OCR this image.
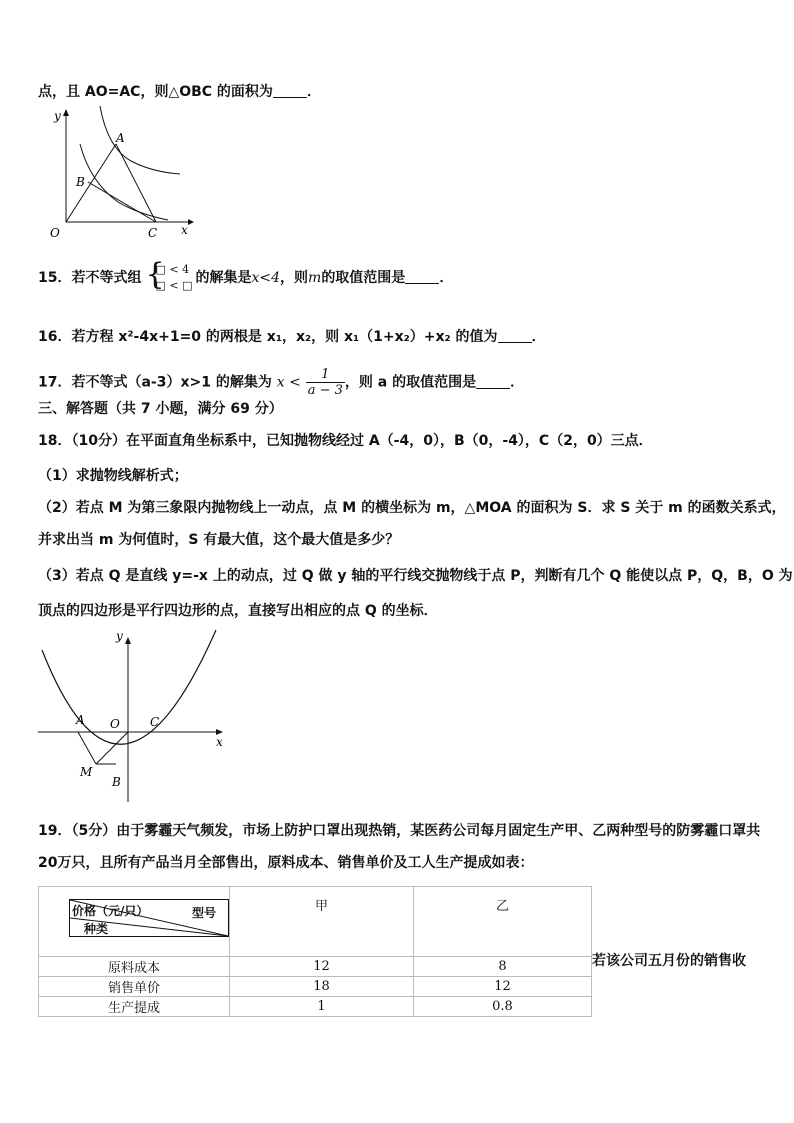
点，且 AO=AC，则△OBC 的面积为 ．
y
x
O
A
B
C
15．若不等式组 {
□ < 4
□ < □ 的解集是x<4，则m的取值范围是 ．
16．若方程 x²-4x+1=0 的两根是 x₁，x₂，则 x₁（1+x₂）+x₂ 的值为 ．
17．若不等式（a-3）x>1 的解集为 $x < \frac{1}{a - 3}$ ，则 a 的取值范围是 ．
三、解答题（共 7 小题，满分 69 分）
18．（10分）在平面直角坐标系中，已知抛物线经过 A（-4，0），B（0，-4），C（2，0）三点．
（1）求抛物线解析式；
（2）若点 M 为第三象限内抛物线上一动点，点 M 的横坐标为 m，△MOA 的面积为 S．求 S 关于 m 的函数关系式，
并求出当 m 为何值时，S 有最大值，这个最大值是多少？
（3）若点 Q 是直线 y=-x 上的动点，过 Q 做 y 轴的平行线交抛物线于点 P，判断有几个 Q 能使以点 P，Q，B，O 为
顶点的四边形是平行四边形的点，直接写出相应的点 Q 的坐标．
y
x
A O	C
M
B
19．（5分）由于雾霾天气频发，市场上防护口罩出现热销，某医药公司每月固定生产甲、乙两种型号的防雾霾口罩共
20万只，且所有产品当月全部售出，原料成本、销售单价及工人生产提成如表：
价格（元/只） 型号
种类	甲	乙
原料成本	12	8
销售单价	18	12
生产提成	1	0.8
若该公司五月份的销售收
